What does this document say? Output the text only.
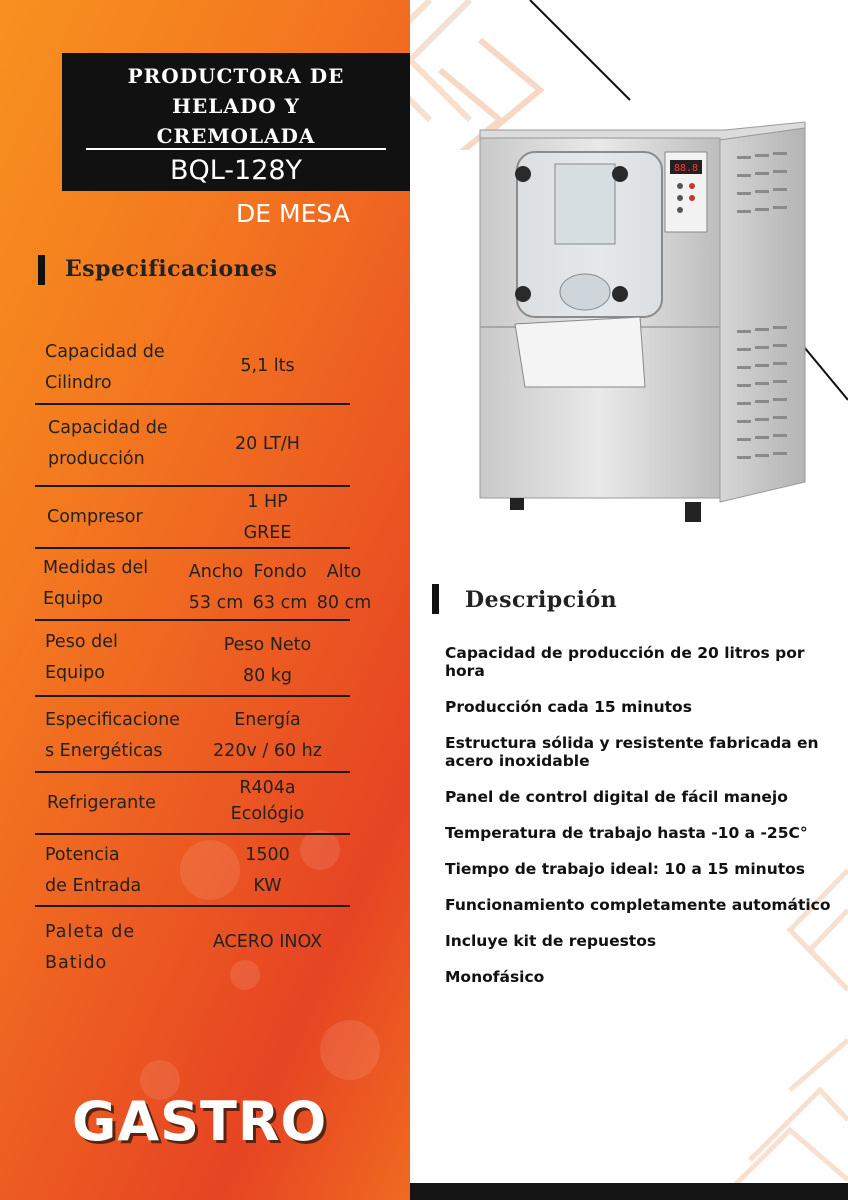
PRODUCTORA DE
HELADO Y
CREMOLADA
BQL-128Y
DE MESA
Especificaciones
Capacidad de
Cilindro
5,1 lts
Capacidad de
producción
20 LT/H
Compresor
1 HP
GREE
Medidas del
Equipo
Ancho
53 cm
Fondo
63 cm
Alto
80 cm
Peso del
Equipo
Peso Neto
80 kg
Especificacione
s Energéticas
Energía
220v / 60 hz
Refrigerante
R404a
Ecológio
Potencia
de Entrada
1500
KW
Paleta de
Batido
ACERO INOX
GASTRO
88.8
Descripción
Capacidad de producción de 20 litros por hora
Producción cada 15 minutos
Estructura sólida y resistente fabricada en acero inoxidable
Panel de control digital de fácil manejo
Temperatura de trabajo hasta -10 a -25C°
Tiempo de trabajo ideal: 10 a 15 minutos
Funcionamiento completamente automático
Incluye kit de repuestos
Monofásico
